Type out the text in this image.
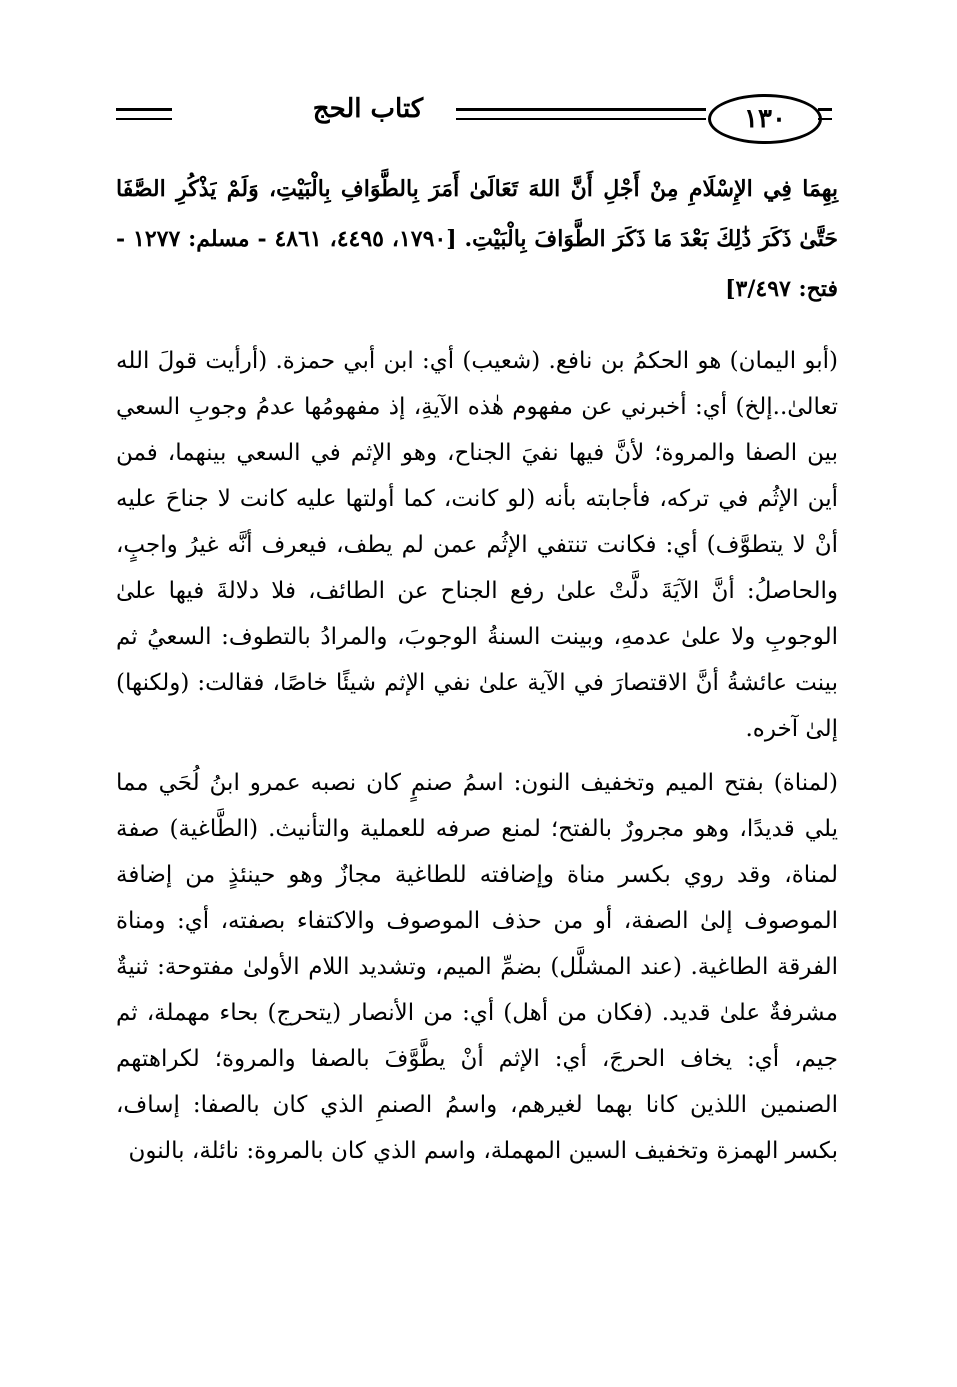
كتاب الحج	١٣٠

بِهِمَا فِي الإِسْلَامِ مِنْ أَجْلِ أَنَّ اللهَ تَعَالَىٰ أَمَرَ بِالطَّوَافِ بِالْبَيْتِ، وَلَمْ يَذْكُرِ الصَّفَا حَتَّىٰ ذَكَرَ ذَٰلِكَ بَعْدَ مَا ذَكَرَ الطَّوَافَ بِالْبَيْتِ. [١٧٩٠، ٤٤٩٥، ٤٨٦١ - مسلم: ١٢٧٧ - فتح: ٣/٤٩٧]

(أبو اليمان) هو الحكمُ بن نافع. (شعيب) أي: ابن أبي حمزة. (أرأيت قولَ الله تعالىٰ..إلخ) أي: أخبرني عن مفهوم هٰذه الآيةِ، إذ مفهومُها عدمُ وجوبِ السعي بين الصفا والمروة؛ لأنَّ فيها نفيَ الجناح، وهو الإثم في السعي بينهما، فمن أين الإثُم في تركه، فأجابته بأنه (لو كانت، كما أولتها عليه كانت لا جناحَ عليه أنْ لا يتطوَّف) أي: فكانت تنتفي الإثُم عمن لم يطف، فيعرف أنَّه غيرُ واجبٍ، والحاصلُ: أنَّ الآيَةَ دلَّتْ علىٰ رفع الجناح عن الطائف، فلا دلالةَ فيها علىٰ الوجوبِ ولا علىٰ عدمهِ، وبينت السنةُ الوجوبَ، والمرادُ بالتطوف: السعيُ ثم بينت عائشةُ أنَّ الاقتصارَ في الآية علىٰ نفي الإثم شيئًا خاصًا، فقالت: (ولكنها) إلىٰ آخره.

(لمناة) بفتح الميم وتخفيف النون: اسمُ صنمٍ كان نصبه عمرو ابنُ لُحَي مما يلي قديدًا، وهو مجرورٌ بالفتح؛ لمنع صرفه للعملية والتأنيث. (الطَّاغية) صفة لمناة، وقد روي بكسر مناة وإضافته للطاغية مجازٌ وهو حينئذٍ من إضافة الموصوف إلىٰ الصفة، أو من حذف الموصوف والاكتفاء بصفته، أي: ومناة الفرقة الطاغية. (عند المشلَّل) بضمِّ الميم، وتشديد اللام الأولىٰ مفتوحة: ثنيةٌ مشرفةٌ علىٰ قديد. (فكان من أهل) أي: من الأنصار (يتحرج) بحاء مهملة، ثم جيم، أي: يخاف الحرجَ، أي: الإثم أنْ يطَّوَّفَ بالصفا والمروة؛ لكراهتهم الصنمين اللذين كانا بهما لغيرهم، واسمُ الصنمِ الذي كان بالصفا: إساف، بكسر الهمزة وتخفيف السين المهملة، واسم الذي كان بالمروة: نائلة، بالنون
